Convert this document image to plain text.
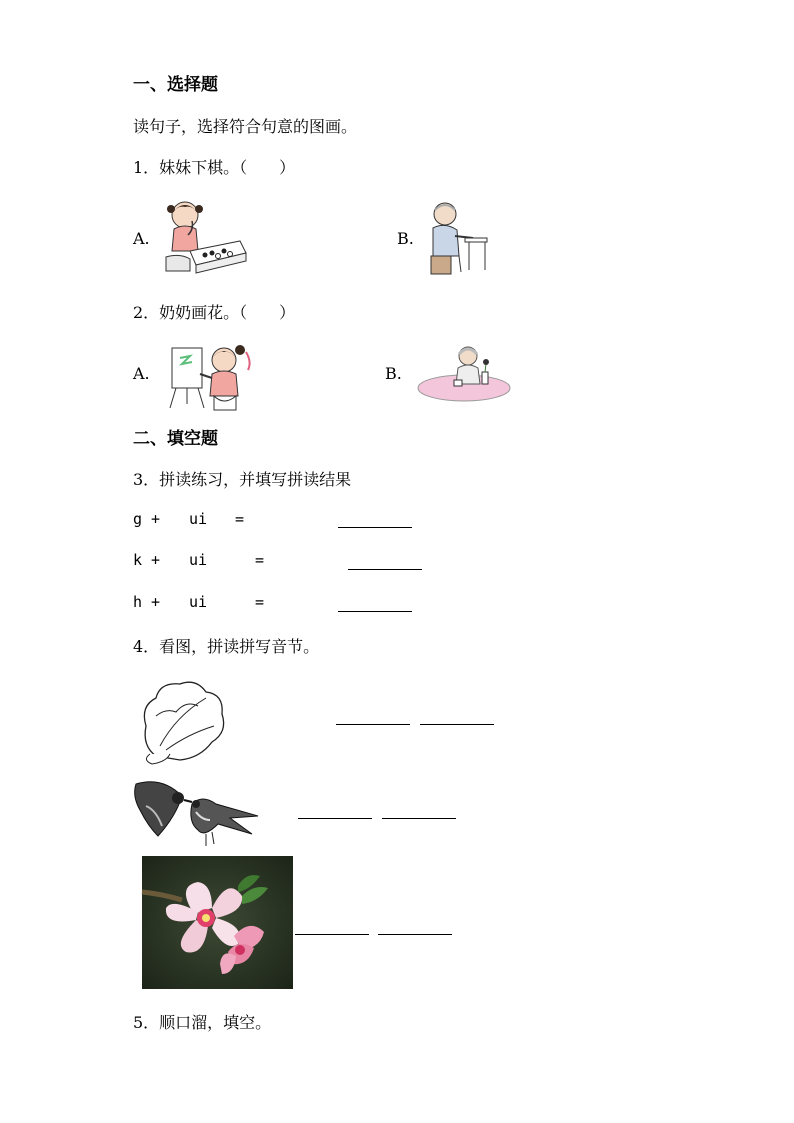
一、选择题
读句子，选择符合句意的图画。
1．妹妹下棋。（　　）
A.	B.
2．奶奶画花。（　　）
A.	B.
二、填空题
3．拼读练习，并填写拼读结果
g + ui =
k + ui	=
h + ui	=
4．看图，拼读拼写音节。
5．顺口溜，填空。
